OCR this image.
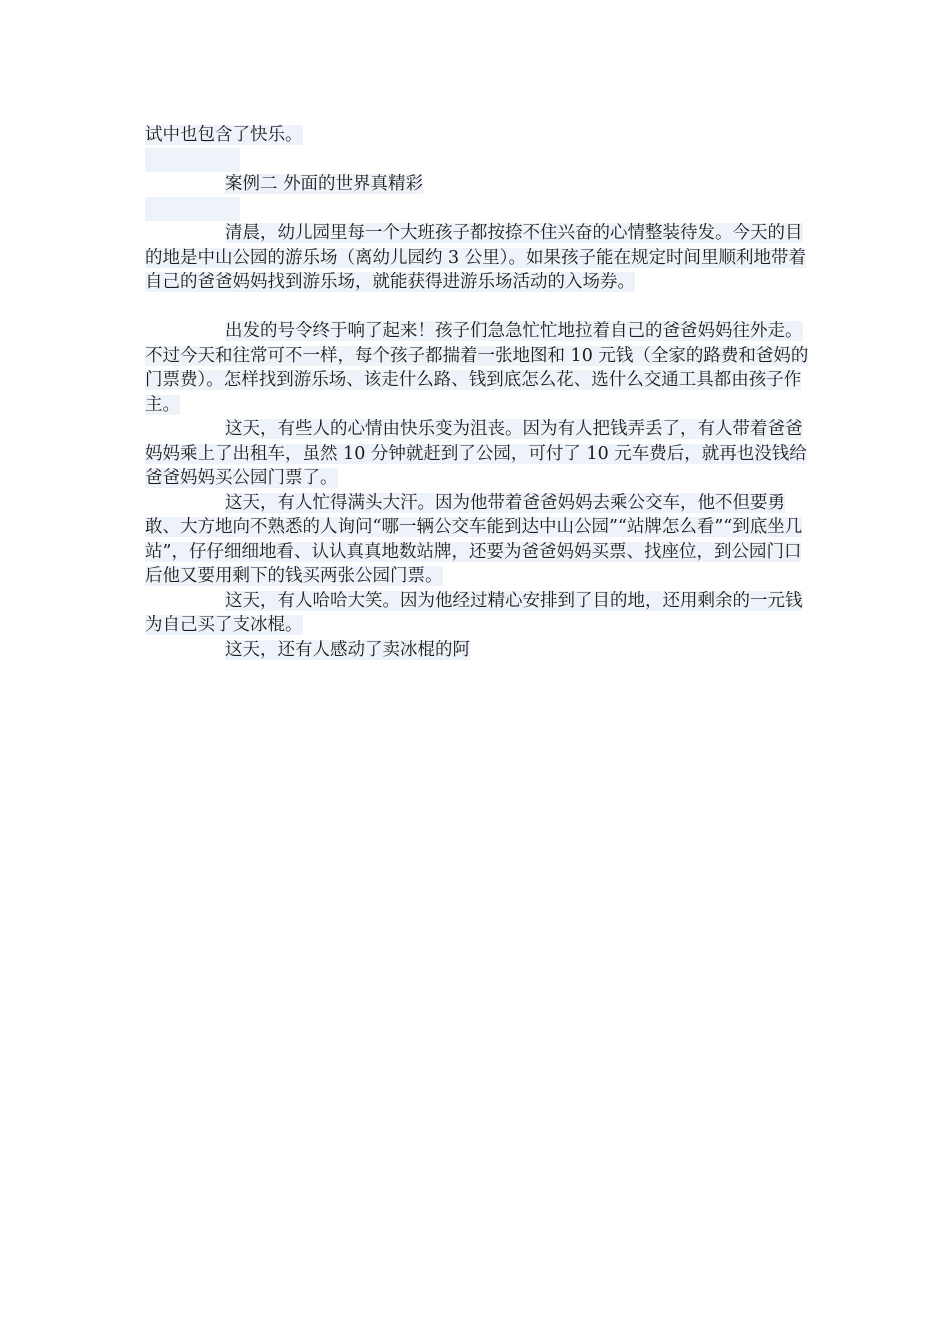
试中也包含了快乐。

案例二 外面的世界真精彩

清晨，幼儿园里每一个大班孩子都按捺不住兴奋的心情整装待发。今天的目的地是中山公园的游乐场（离幼儿园约 3 公里）。如果孩子能在规定时间里顺利地带着自己的爸爸妈妈找到游乐场，就能获得进游乐场活动的入场券。

出发的号令终于响了起来！孩子们急急忙忙地拉着自己的爸爸妈妈往外走。不过今天和往常可不一样，每个孩子都揣着一张地图和 10 元钱（全家的路费和爸妈的门票费）。怎样找到游乐场、该走什么路、钱到底怎么花、选什么交通工具都由孩子作主。

这天，有些人的心情由快乐变为沮丧。因为有人把钱弄丢了，有人带着爸爸妈妈乘上了出租车，虽然 10 分钟就赶到了公园，可付了 10 元车费后，就再也没钱给爸爸妈妈买公园门票了。

这天，有人忙得满头大汗。因为他带着爸爸妈妈去乘公交车，他不但要勇敢、大方地向不熟悉的人询问“哪一辆公交车能到达中山公园”“站牌怎么看”“到底坐几站”，仔仔细细地看、认认真真地数站牌，还要为爸爸妈妈买票、找座位，到公园门口后他又要用剩下的钱买两张公园门票。

这天，有人哈哈大笑。因为他经过精心安排到了目的地，还用剩余的一元钱为自己买了支冰棍。

这天，还有人感动了卖冰棍的阿
